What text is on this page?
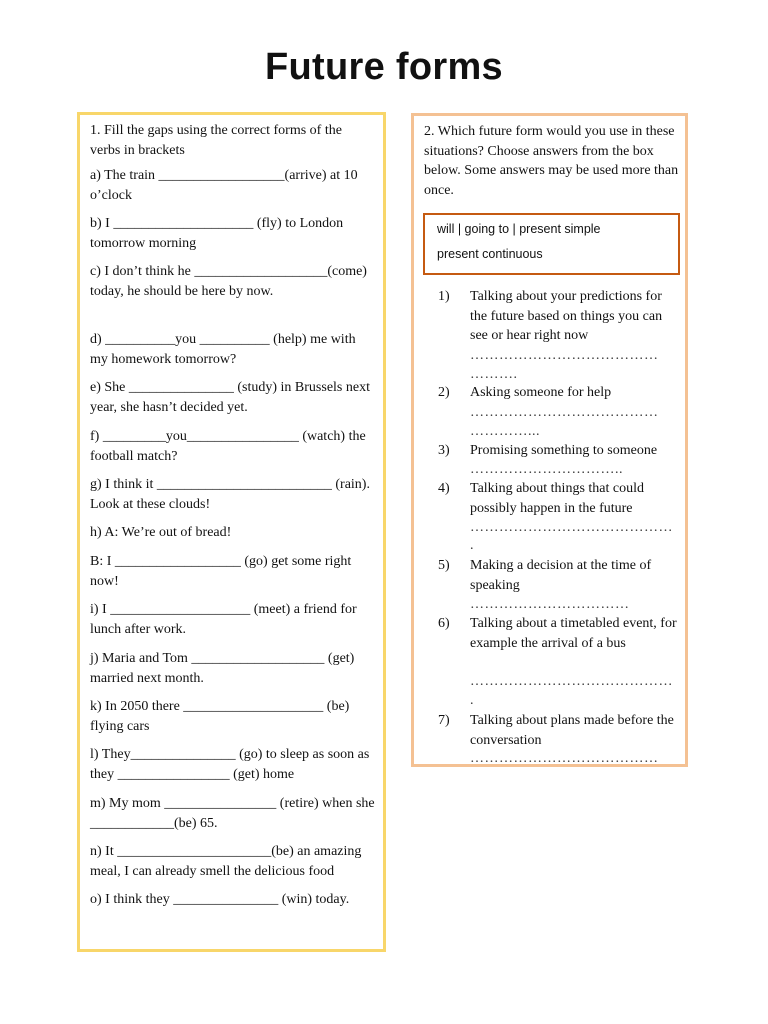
Future forms
1. Fill the gaps using the correct forms of the verbs in brackets
a) The train __________________(arrive) at 10 o’clock
b) I ____________________ (fly) to London tomorrow morning
c) I don’t think he ___________________(come) today, he should be here by now.
d) __________you __________ (help) me with my homework tomorrow?
e) She _______________ (study) in Brussels next year, she hasn’t decided yet.
f) _________you________________ (watch) the football match?
g) I think it _________________________ (rain). Look at these clouds!
h) A: We’re out of bread!
B: I __________________ (go) get some right now!
i) I ____________________ (meet) a friend for lunch after work.
j) Maria and Tom ___________________ (get) married next month.
k) In 2050 there ____________________ (be) flying cars
l) They_______________ (go) to sleep as soon as they ________________ (get) home
m) My mom ________________ (retire) when she ____________(be) 65.
n) It ______________________(be) an amazing meal, I can already smell the delicious food
o) I think they _______________ (win) today.
2. Which future form would you use in these situations? Choose answers from the box below. Some answers may be used more than once.
will | going to | present simple
present continuous
1)	Talking about your predictions for the future based on things you can see or hear right now
…………………………………
……….
2)	Asking someone for help
…………………………………
…………...
3)	Promising something to someone
…………………………..
4)	Talking about things that could possibly happen in the future
……………………………………
.
5)	Making a decision at the time of speaking
……………………………
6)	Talking about a timetabled event, for example the arrival of a bus
……………………………………
.
7)	Talking about plans made before the conversation
…………………………………
